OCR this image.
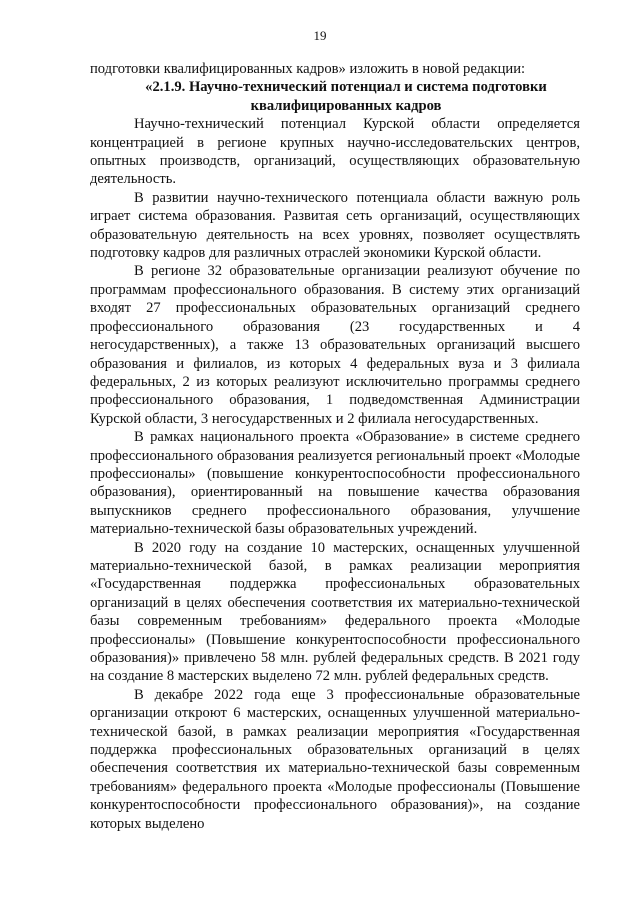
19

подготовки квалифицированных кадров» изложить в новой редакции:

«2.1.9. Научно-технический потенциал и система подготовки квалифицированных кадров

Научно-технический потенциал Курской области определяется концентрацией в регионе крупных научно-исследовательских центров, опытных производств, организаций, осуществляющих образовательную деятельность.

В развитии научно-технического потенциала области важную роль играет система образования. Развитая сеть организаций, осуществляющих образовательную деятельность на всех уровнях, позволяет осуществлять подготовку кадров для различных отраслей экономики Курской области.

В регионе 32 образовательные организации реализуют обучение по программам профессионального образования. В систему этих организаций входят 27 профессиональных образовательных организаций среднего профессионального образования (23 государственных и 4 негосударственных), а также 13 образовательных организаций высшего образования и филиалов, из которых 4 федеральных вуза и 3 филиала федеральных, 2 из которых реализуют исключительно программы среднего профессионального образования, 1 подведомственная Администрации Курской области, 3 негосударственных и 2 филиала негосударственных.

В рамках национального проекта «Образование» в системе среднего профессионального образования реализуется региональный проект «Молодые профессионалы» (повышение конкурентоспособности профессионального образования), ориентированный на повышение качества образования выпускников среднего профессионального образования, улучшение материально-технической базы образовательных учреждений.

В 2020 году на создание 10 мастерских, оснащенных улучшенной материально-технической базой, в рамках реализации мероприятия «Государственная поддержка профессиональных образовательных организаций в целях обеспечения соответствия их материально-технической базы современным требованиям» федерального проекта «Молодые профессионалы» (Повышение конкурентоспособности профессионального образования)» привлечено 58 млн. рублей федеральных средств. В 2021 году на создание 8 мастерских выделено 72 млн. рублей федеральных средств.

В декабре 2022 года еще 3 профессиональные образовательные организации откроют 6 мастерских, оснащенных улучшенной материально-технической базой, в рамках реализации мероприятия «Государственная поддержка профессиональных образовательных организаций в целях обеспечения соответствия их материально-технической базы современным требованиям» федерального проекта «Молодые профессионалы (Повышение конкурентоспособности профессионального образования)», на создание которых выделено
